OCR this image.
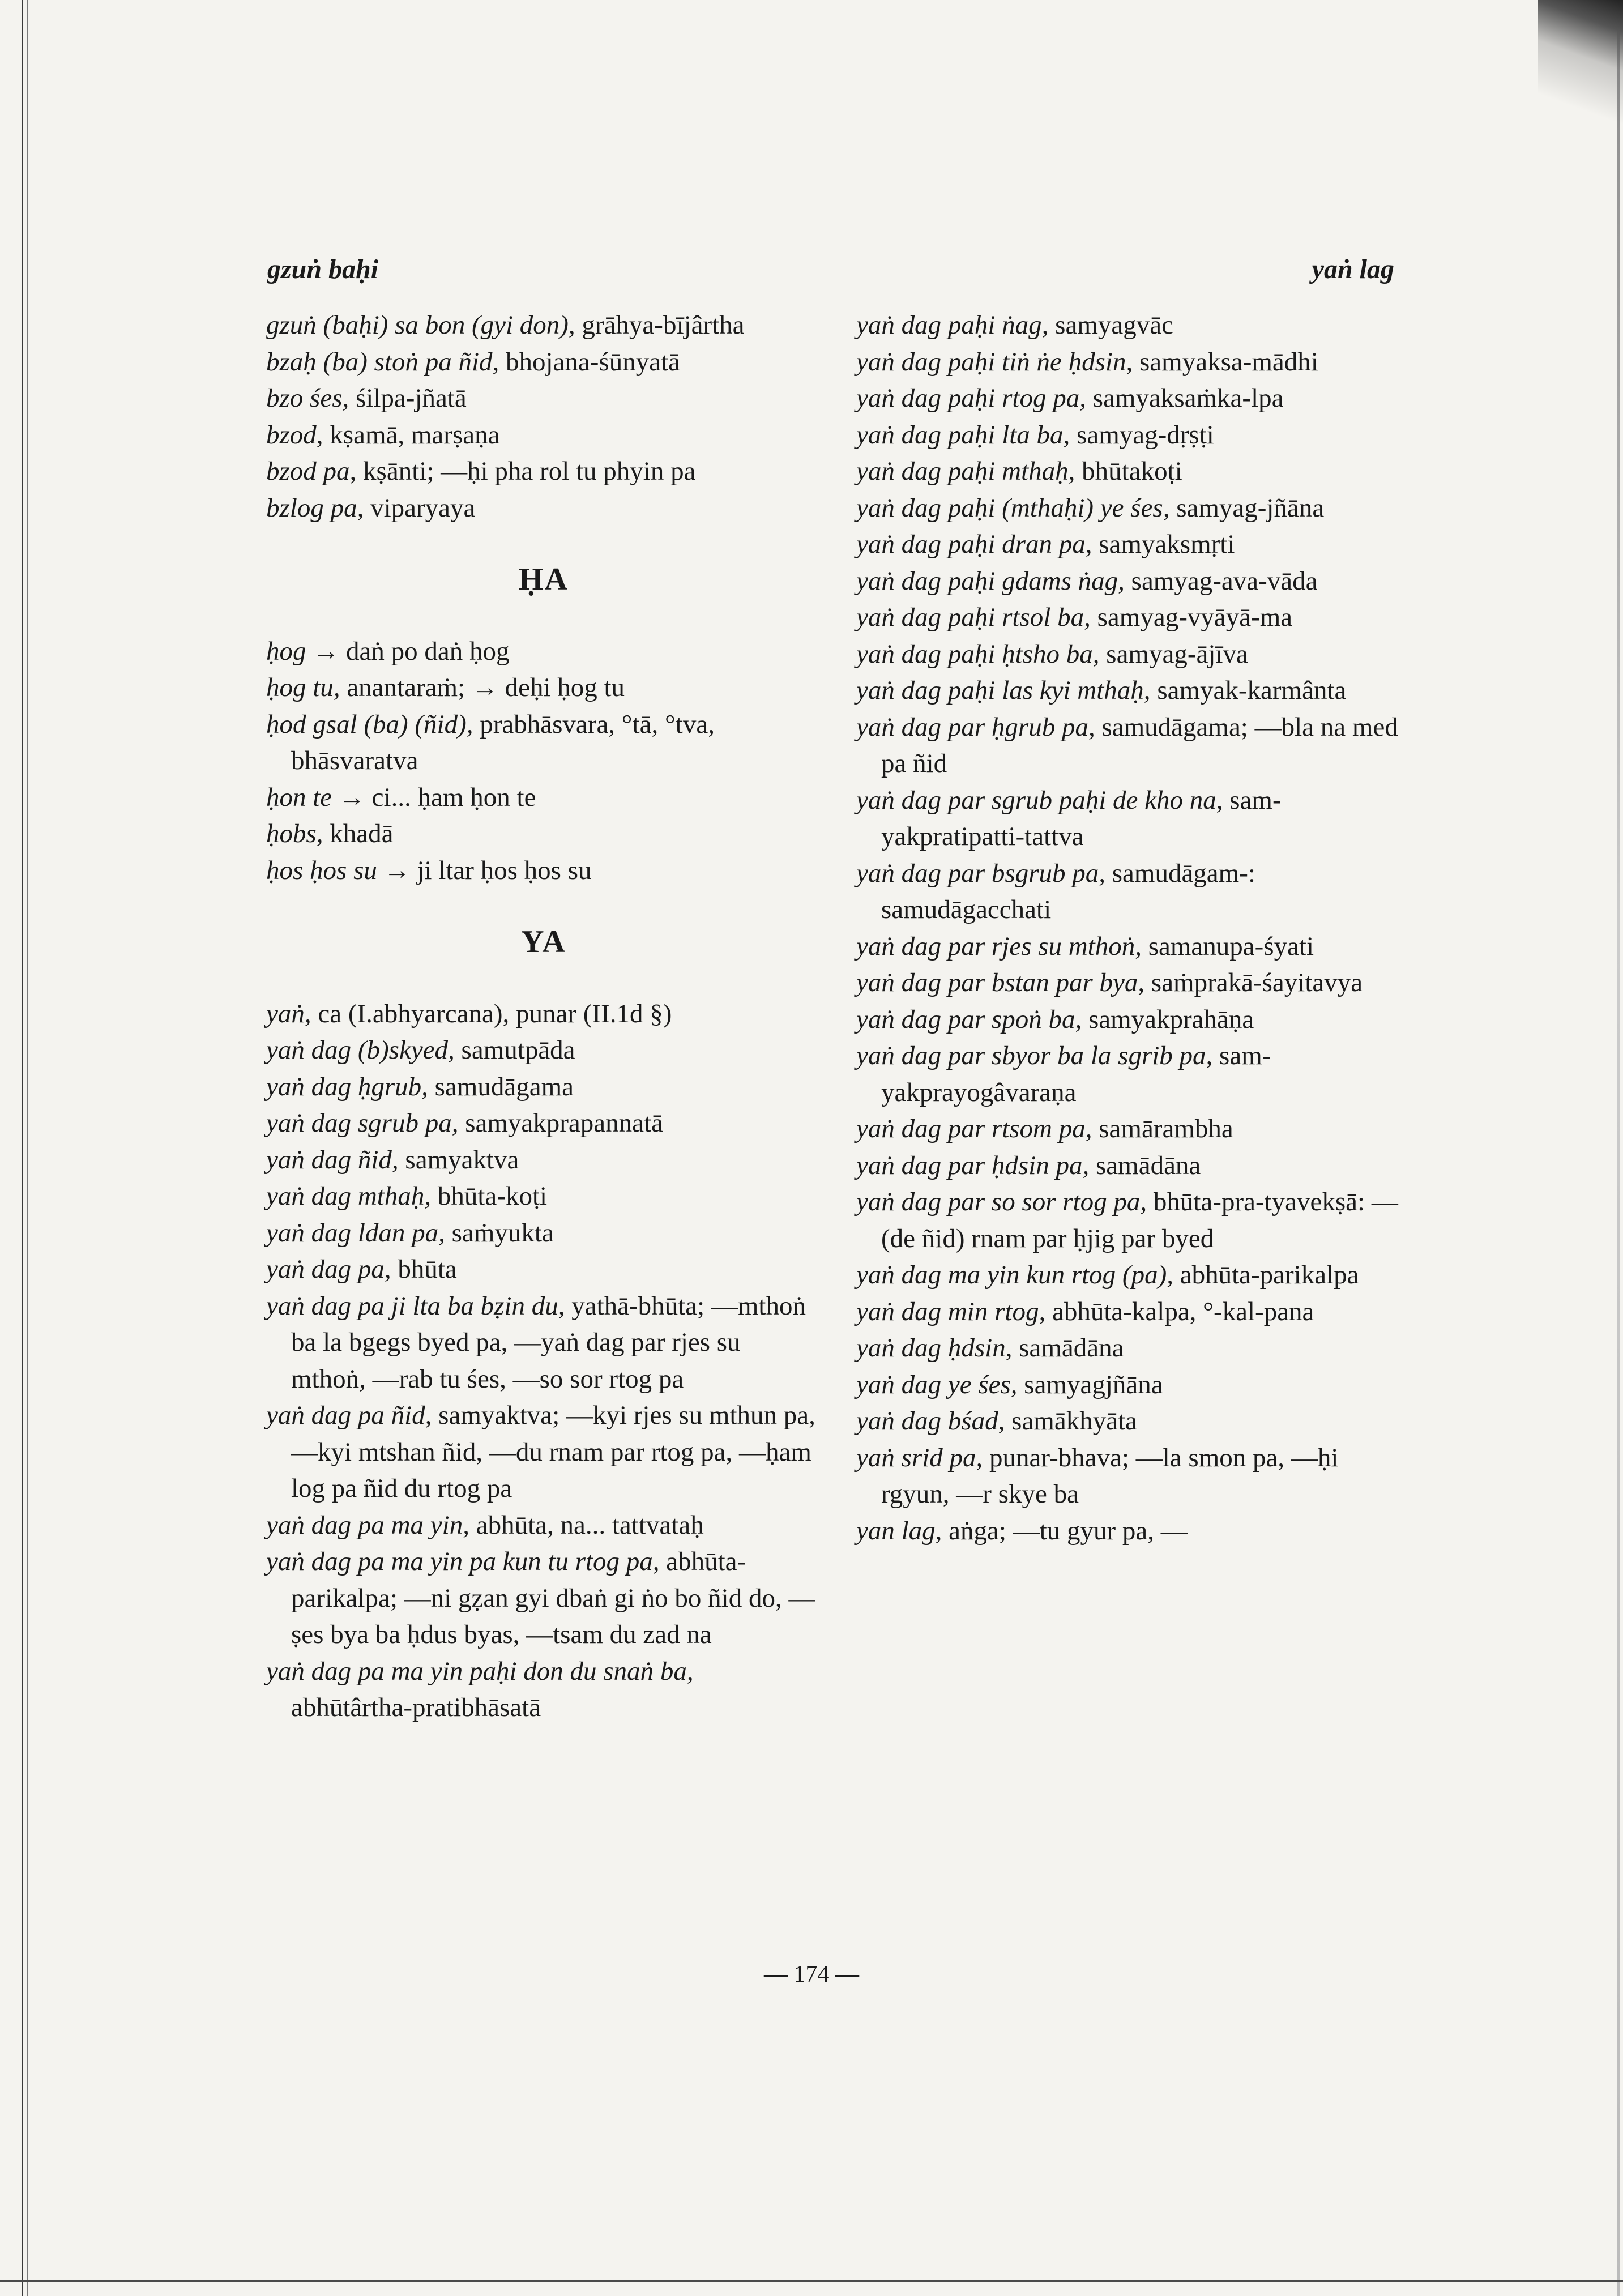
gzuṅ baḥi	yaṅ lag
gzuṅ (baḥi) sa bon (gyi don), grāhya-bījârtha
bzaḥ (ba) stoṅ pa ñid, bhojana-śūnyatā
bzo śes, śilpa-jñatā
bzod, kṣamā, marṣaṇa
bzod pa, kṣānti; —ḥi pha rol tu phyin pa
bzlog pa, viparyaya
ḤA
ḥog → daṅ po daṅ ḥog
ḥog tu, anantaraṁ; → deḥi ḥog tu
ḥod gsal (ba) (ñid), prabhāsvara, °tā, °tva, bhāsvaratva
ḥon te → ci... ḥam ḥon te
ḥobs, khadā
ḥos ḥos su → ji ltar ḥos ḥos su
YA
yaṅ, ca (I.abhyarcana), punar (II.1d §)
yaṅ dag (b)skyed, samutpāda
yaṅ dag ḥgrub, samudāgama
yaṅ dag sgrub pa, samyakprapannatā
yaṅ dag ñid, samyaktva
yaṅ dag mthaḥ, bhūta-koṭi
yaṅ dag ldan pa, saṁyukta
yaṅ dag pa, bhūta
yaṅ dag pa ji lta ba bẓin du, yathā-bhūta; —mthoṅ ba la bgegs byed pa, —yaṅ dag par rjes su mthoṅ, —rab tu śes, —so sor rtog pa
yaṅ dag pa ñid, samyaktva; —kyi rjes su mthun pa, —kyi mtshan ñid, —du rnam par rtog pa, —ḥam log pa ñid du rtog pa
yaṅ dag pa ma yin, abhūta, na... tattvataḥ
yaṅ dag pa ma yin pa kun tu rtog pa, abhūta-parikalpa; —ni gẓan gyi dbaṅ gi ṅo bo ñid do, —ṣes bya ba ḥdus byas, —tsam du zad na
yaṅ dag pa ma yin paḥi don du snaṅ ba, abhūtârtha-pratibhāsatā
yaṅ dag paḥi ṅag, samyagvāc
yaṅ dag paḥi tiṅ ṅe ḥdsin, samyaksa-mādhi
yaṅ dag paḥi rtog pa, samyaksaṁka-lpa
yaṅ dag paḥi lta ba, samyag-dṛṣṭi
yaṅ dag paḥi mthaḥ, bhūtakoṭi
yaṅ dag paḥi (mthaḥi) ye śes, samyag-jñāna
yaṅ dag paḥi dran pa, samyaksmṛti
yaṅ dag paḥi gdams ṅag, samyag-ava-vāda
yaṅ dag paḥi rtsol ba, samyag-vyāyā-ma
yaṅ dag paḥi ḥtsho ba, samyag-ājīva
yaṅ dag paḥi las kyi mthaḥ, samyak-karmânta
yaṅ dag par ḥgrub pa, samudāgama; —bla na med pa ñid
yaṅ dag par sgrub paḥi de kho na, sam-yakpratipatti-tattva
yaṅ dag par bsgrub pa, samudāgam-: samudāgacchati
yaṅ dag par rjes su mthoṅ, samanupa-śyati
yaṅ dag par bstan par bya, saṁprakā-śayitavya
yaṅ dag par spoṅ ba, samyakprahāṇa
yaṅ dag par sbyor ba la sgrib pa, sam-yakprayogâvaraṇa
yaṅ dag par rtsom pa, samārambha
yaṅ dag par ḥdsin pa, samādāna
yaṅ dag par so sor rtog pa, bhūta-pra-tyavekṣā: —(de ñid) rnam par ḥjig par byed
yaṅ dag ma yin kun rtog (pa), abhūta-parikalpa
yaṅ dag min rtog, abhūta-kalpa, °-kal-pana
yaṅ dag ḥdsin, samādāna
yaṅ dag ye śes, samyagjñāna
yaṅ dag bśad, samākhyāta
yaṅ srid pa, punar-bhava; —la smon pa, —ḥi rgyun, —r skye ba
yan lag, aṅga; —tu gyur pa, —
— 174 —
